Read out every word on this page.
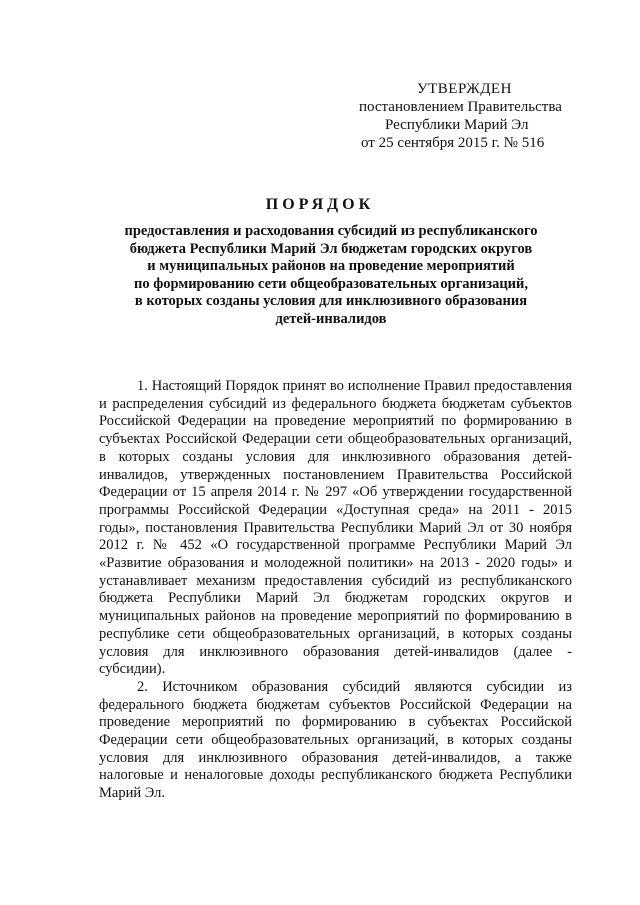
УТВЕРЖДЕН
постановлением Правительства
Республики Марий Эл
от 25 сентября 2015 г. № 516
ПОРЯДОК
предоставления и расходования субсидий из республиканского
бюджета Республики Марий Эл бюджетам городских округов
и муниципальных районов на проведение мероприятий
по формированию сети общеобразовательных организаций,
в которых созданы условия для инклюзивного образования
детей-инвалидов

1. Настоящий Порядок принят во исполнение Правил предоставления и распределения субсидий из федерального бюджета бюджетам субъектов Российской Федерации на проведение мероприятий по формированию в субъектах Российской Федерации сети общеобразовательных организаций, в которых созданы условия для инклюзивного образования детей-инвалидов, утвержденных постановлением Правительства Российской Федерации от 15 апреля 2014 г. № 297 «Об утверждении государственной программы Российской Федерации «Доступная среда» на 2011 - 2015 годы», постановления Правительства Республики Марий Эл от 30 ноября 2012 г. № 452 «О государственной программе Республики Марий Эл «Развитие образования и молодежной политики» на 2013 - 2020 годы» и устанавливает механизм предоставления субсидий из республиканского бюджета Республики Марий Эл бюджетам городских округов и муниципальных районов на проведение мероприятий по формированию в республике сети общеобразовательных организаций, в которых созданы условия для инклюзивного образования детей-инвалидов (далее - субсидии).

2. Источником образования субсидий являются субсидии из федерального бюджета бюджетам субъектов Российской Федерации на проведение мероприятий по формированию в субъектах Российской Федерации сети общеобразовательных организаций, в которых созданы условия для инклюзивного образования детей-инвалидов, а также налоговые и неналоговые доходы республиканского бюджета Республики Марий Эл.
